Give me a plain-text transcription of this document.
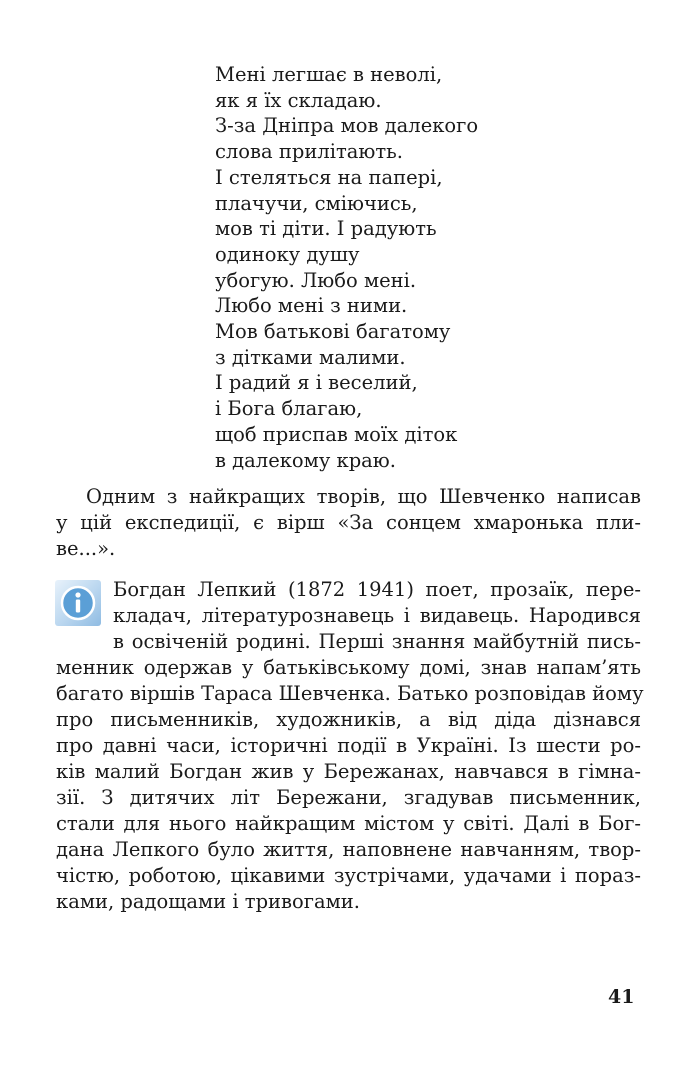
Мені легшає в неволі,
як я їх складаю.
З-за Дніпра мов далекого
слова прилітають.
І стеляться на папері,
плачучи, сміючись,
мов ті діти. І радують
одиноку душу
убогую. Любо мені.
Любо мені з ними.
Мов батькові багатому
з дітками малими.
І радий я і веселий,
і Бога благаю,
щоб приспав моїх діток
в далекому краю.
Одним з найкращих творів, що Шевченко написав
у цій експедиції, є вірш «За сонцем хмаронька пли-
ве...».
Богдан Лепкий (1872 1941) поет, прозаїк, пере-
кладач, літературознавець і видавець. Народився
в освіченій родині. Перші знання майбутній пись-
менник одержав у батьківському домі, знав напам’ять
багато віршів Тараса Шевченка. Батько розповідав йому
про письменників, художників, а від діда дізнався
про давні часи, історичні події в Україні. Із шести ро-
ків малий Богдан жив у Бережанах, навчався в гімна-
зії. З дитячих літ Бережани, згадував письменник,
стали для нього найкращим містом у світі. Далі в Бог-
дана Лепкого було життя, наповнене навчанням, твор-
чістю, роботою, цікавими зустрічами, удачами і пораз-
ками, радощами і тривогами.
41
